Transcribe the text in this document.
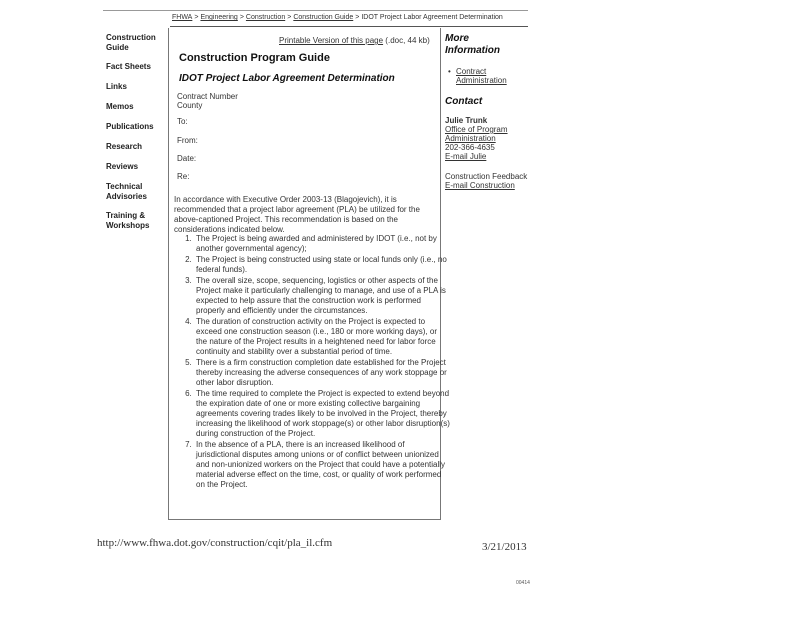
FHWA > Engineering > Construction > Construction Guide > IDOT Project Labor Agreement Determination
Construction Guide
Fact Sheets
Links
Memos
Publications
Research
Reviews
Technical Advisories
Training & Workshops
Printable Version of this page (.doc, 44 kb)
Construction Program Guide
IDOT Project Labor Agreement Determination
Contract Number
County
To:
From:
Date:
Re:

In accordance with Executive Order 2003-13 (Blagojevich), it is recommended that a project labor agreement (PLA) be utilized for the above-captioned Project. This recommendation is based on the considerations indicated below.

1. The Project is being awarded and administered by IDOT (i.e., not by another governmental agency);
2. The Project is being constructed using state or local funds only (i.e., no federal funds).
3. The overall size, scope, sequencing, logistics or other aspects of the Project make it particularly challenging to manage, and use of a PLA is expected to help assure that the construction work is performed properly and efficiently under the circumstances.
4. The duration of construction activity on the Project is expected to exceed one construction season (i.e., 180 or more working days), or the nature of the Project results in a heightened need for labor force continuity and stability over a substantial period of time.
5. There is a firm construction completion date established for the Project thereby increasing the adverse consequences of any work stoppage or other labor disruption.
6. The time required to complete the Project is expected to extend beyond the expiration date of one or more existing collective bargaining agreements covering trades likely to be involved in the Project, thereby increasing the likelihood of work stoppage(s) or other labor disruption(s) during construction of the Project.
7. In the absence of a PLA, there is an increased likelihood of jurisdictional disputes among unions or of conflict between unionized and non-unionized workers on the Project that could have a potentially material adverse effect on the time, cost, or quality of work performed on the Project.
More Information
• Contract Administration
Contact
Julie Trunk
Office of Program Administration
202-366-4635
E-mail Julie
Construction Feedback
E-mail Construction
http://www.fhwa.dot.gov/construction/cqit/pla_il.cfm	3/21/2013
00414
